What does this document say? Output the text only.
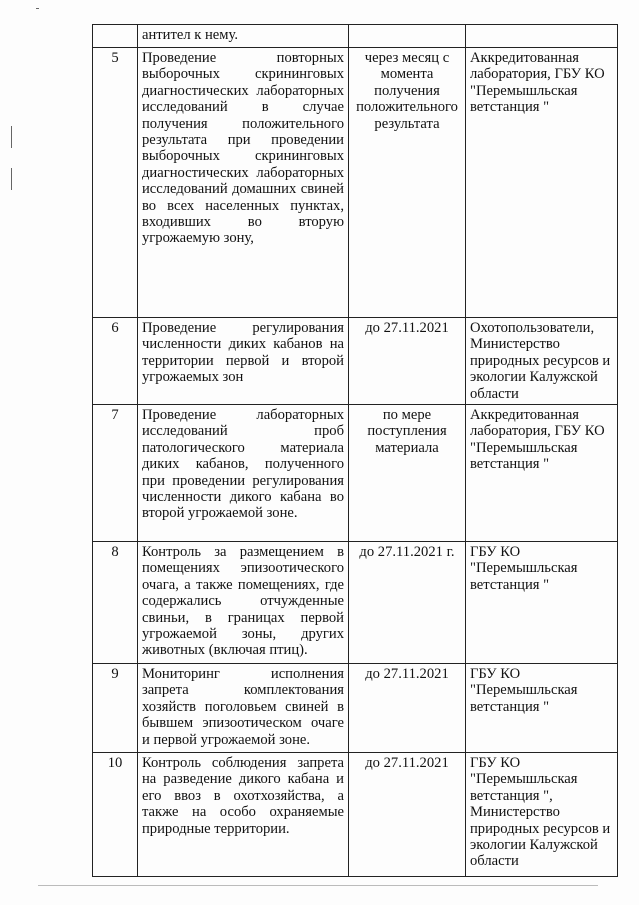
	антител к нему.		
5	Проведение повторных выборочных скрининговых диагностических лабораторных исследований в случае получения положительного результата при проведении выборочных скрининговых диагностических лабораторных исследований домашних свиней во всех населенных пунктах, входивших во вторую угрожаемую зону,	через месяц с момента получения положительного результата	Аккредитованная лаборатория, ГБУ КО "Перемышльская ветстанция "
6	Проведение регулирования численности диких кабанов на территории первой и второй угрожаемых зон	до 27.11.2021	Охотопользователи, Министерство природных ресурсов и экологии Калужской области
7	Проведение лабораторных исследований проб патологического материала диких кабанов, полученного при проведении регулирования численности дикого кабана во второй угрожаемой зоне.	по мере поступления материала	Аккредитованная лаборатория, ГБУ КО "Перемышльская ветстанция "
8	Контроль за размещением в помещениях эпизоотического очага, а также помещениях, где содержались отчужденные свиньи, в границах первой угрожаемой зоны, других животных (включая птиц).	до 27.11.2021 г.	ГБУ КО "Перемышльская ветстанция "
9	Мониторинг исполнения запрета комплектования хозяйств поголовьем свиней в бывшем эпизоотическом очаге и первой угрожаемой зоне.	до 27.11.2021	ГБУ КО "Перемышльская ветстанция "
10	Контроль соблюдения запрета на разведение дикого кабана и его ввоз в охотхозяйства, а также на особо охраняемые природные территории.	до 27.11.2021	ГБУ КО "Перемышльская ветстанция ", Министерство природных ресурсов и экологии Калужской области
